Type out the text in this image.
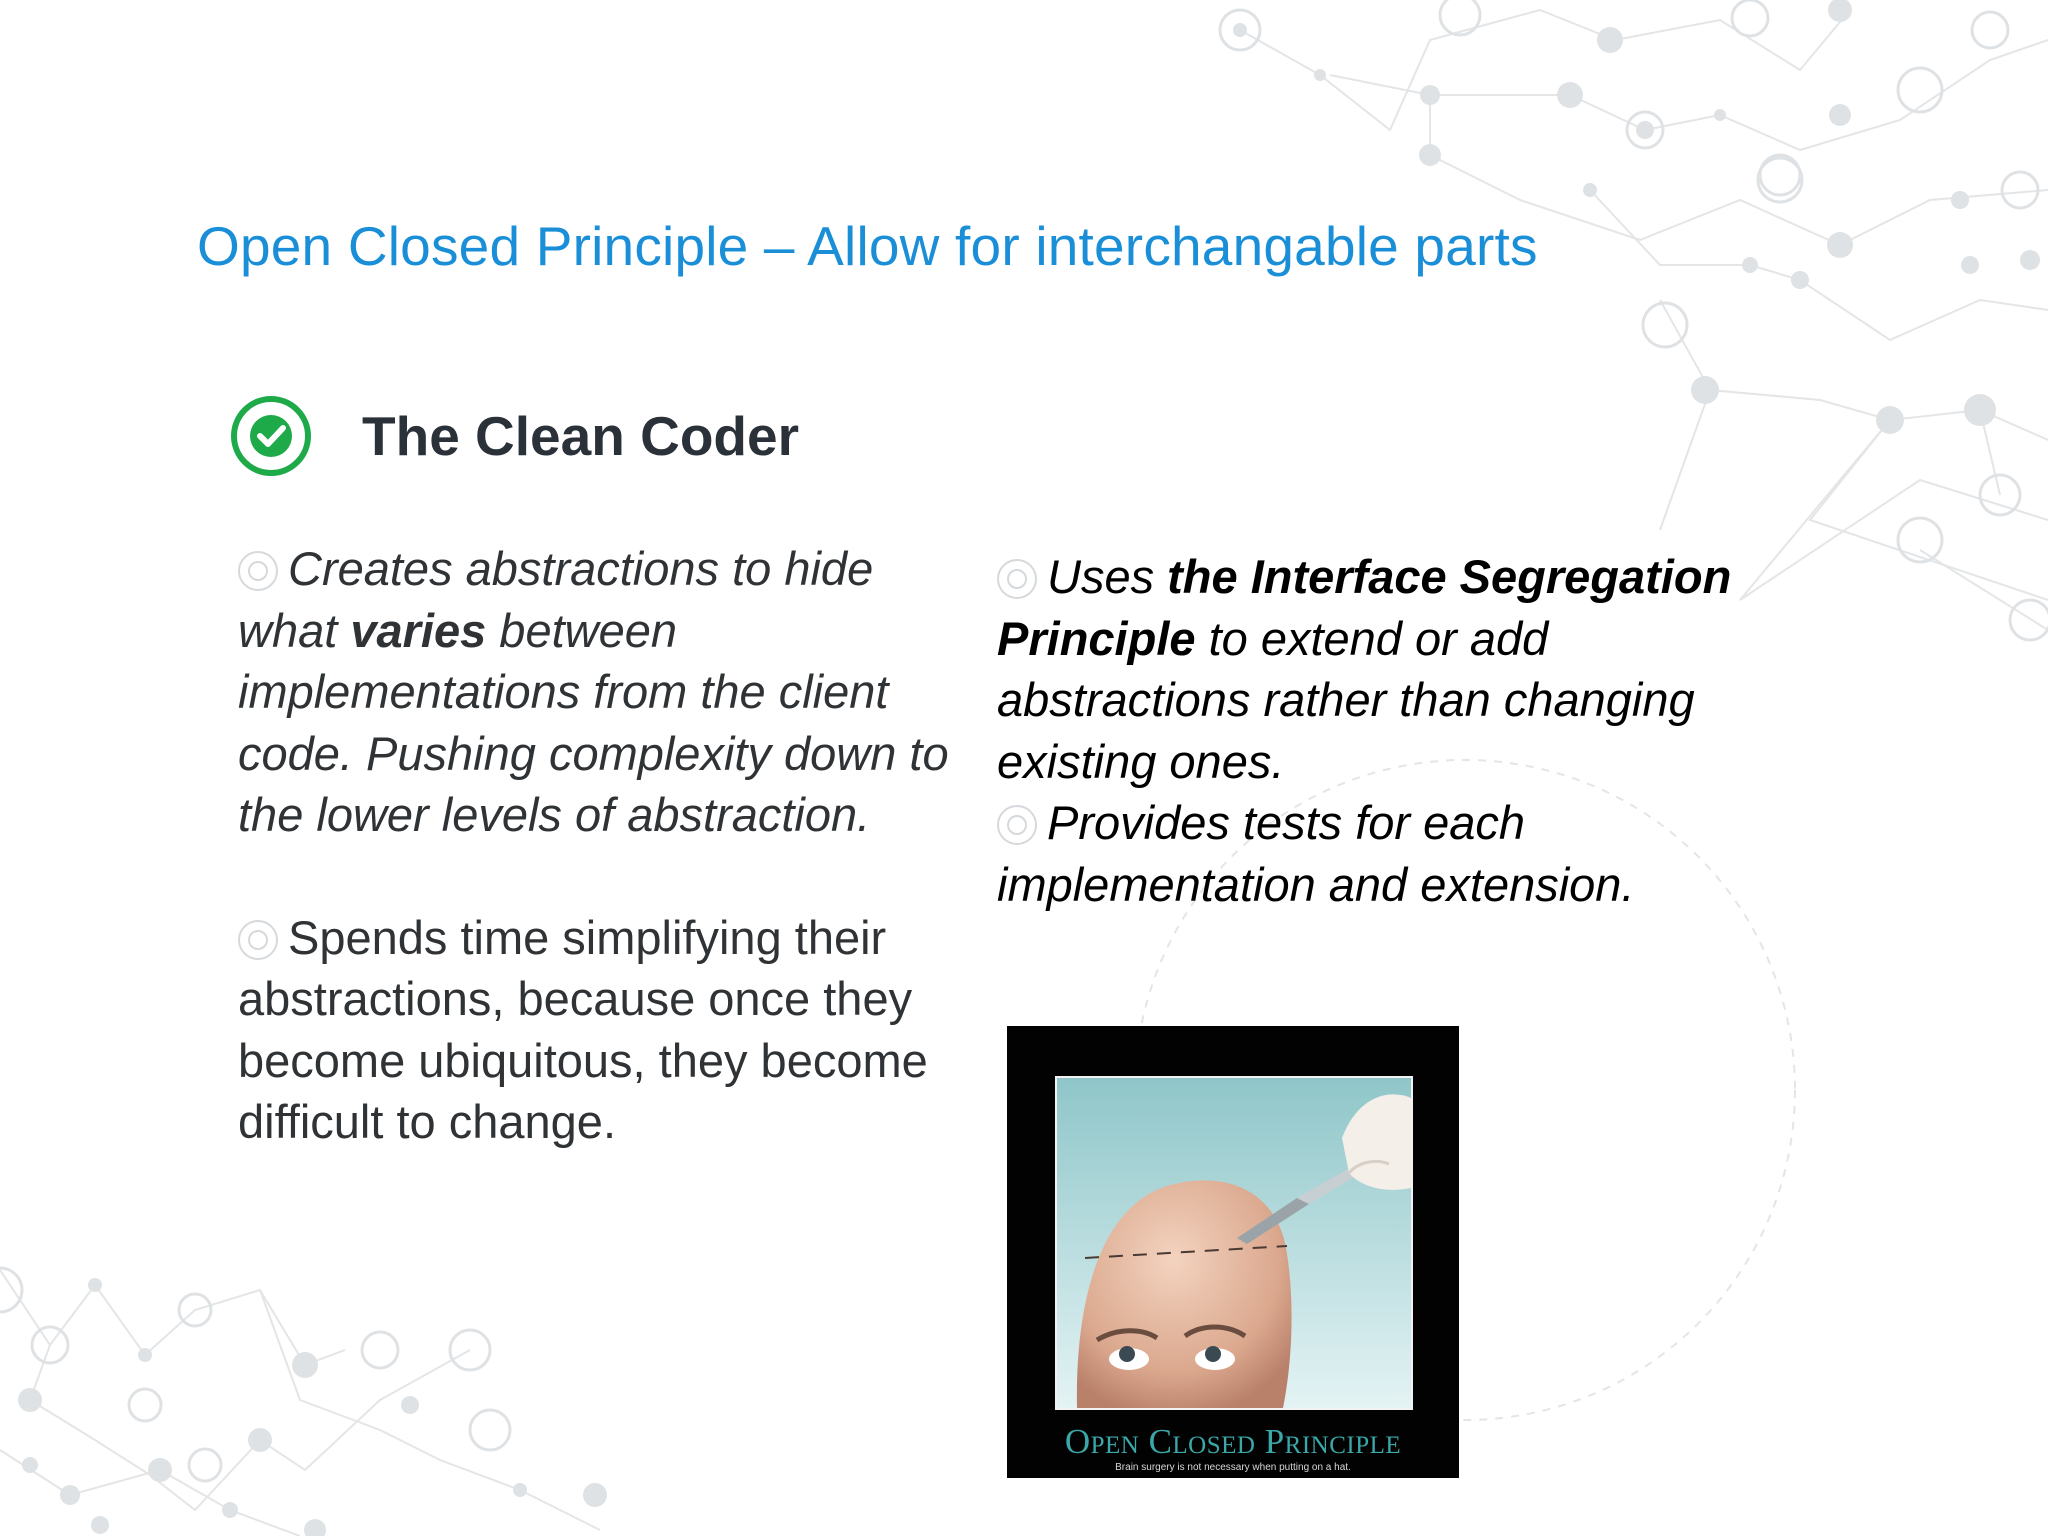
Open Closed Principle – Allow for interchangable parts
The Clean Coder

Creates abstractions to hide what varies between implementations from the client code. Pushing complexity down to the lower levels of abstraction.

Spends time simplifying their abstractions, because once they become ubiquitous, they become difficult to change.

Uses the Interface Segregation Principle to extend or add abstractions rather than changing existing ones.

Provides tests for each implementation and extension.

Open Closed Principle
Brain surgery is not necessary when putting on a hat.
